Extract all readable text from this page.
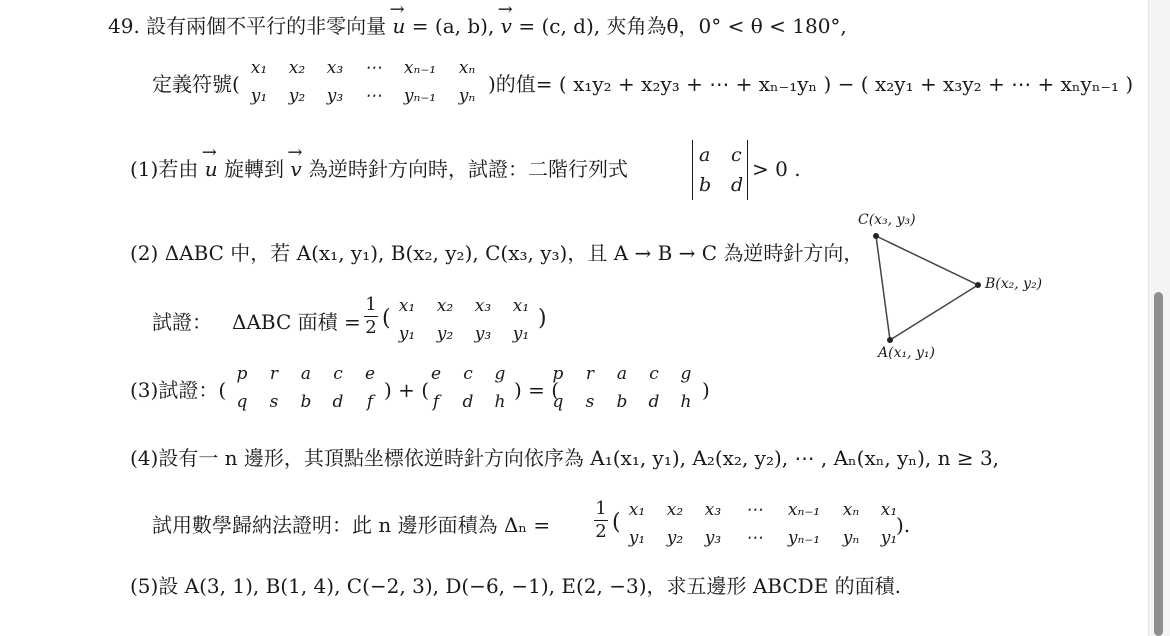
49. 設有兩個不平行的非零向量 → u = (a, b), → v = (c, d), 夾角為θ，0° < θ < 180°,
定義符號(
x₁	x₂	x₃	⋯	xₙ₋₁	xₙ
y₁	y₂	y₃	⋯	yₙ₋₁	yₙ )的值= ( x₁y₂ + x₂y₃ + ⋯ + xₙ₋₁yₙ ) − ( x₂y₁ + x₃y₂ + ⋯ + xₙyₙ₋₁ )
(1)若由 → u 旋轉到 → v 為逆時針方向時，試證：二階行列式
a c
b d
> 0 .
(2) ΔABC 中，若 A(x₁, y₁), B(x₂, y₂), C(x₃, y₃)，且 A → B → C 為逆時針方向，
試證： ΔABC 面積 =
1
2 ( x₁	x₂	x₃	x₁
y₁	y₂	y₃	y₁
)
C(x₃, y₃)
B(x₂, y₂)
A(x₁, y₁)
(3)試證：(
p	r	a	c	e
q	s	b	d	f ) + (
e	c	g
f	d	h ) = (
p	r	a	c	g
q	s	b	d	h )
(4)設有一 n 邊形，其頂點坐標依逆時針方向依序為 A₁(x₁, y₁), A₂(x₂, y₂), ⋯ , Aₙ(xₙ, yₙ), n ≥ 3,
試用數學歸納法證明：此 n 邊形面積為 Δₙ =
1
2 ( x₁	x₂	x₃	⋯	xₙ₋₁	xₙ	x₁
y₁	y₂	y₃	⋯	yₙ₋₁	yₙ	y₁
).
(5)設 A(3, 1), B(1, 4), C(−2, 3), D(−6, −1), E(2, −3)，求五邊形 ABCDE 的面積.
